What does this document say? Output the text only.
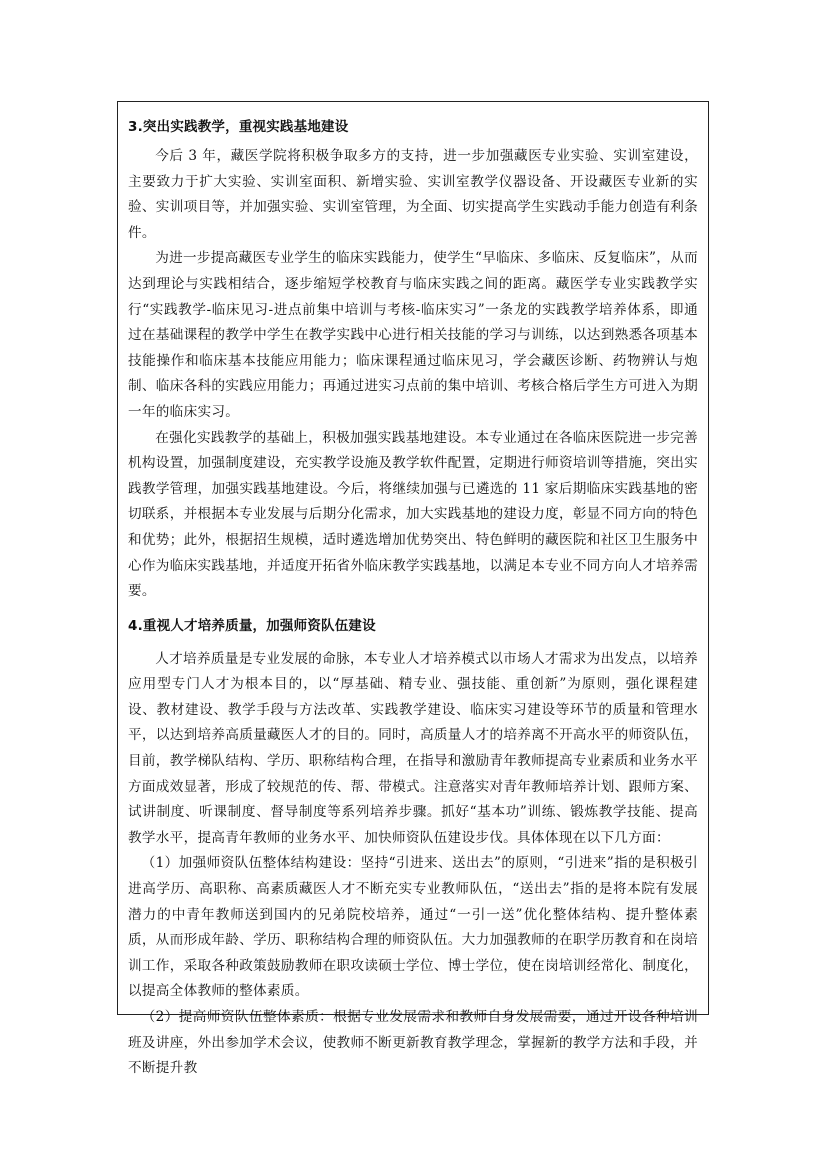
3.突出实践教学，重视实践基地建设

今后 3 年，藏医学院将积极争取多方的支持，进一步加强藏医专业实验、实训室建设，主要致力于扩大实验、实训室面积、新增实验、实训室教学仪器设备、开设藏医专业新的实验、实训项目等，并加强实验、实训室管理，为全面、切实提高学生实践动手能力创造有利条件。

为进一步提高藏医专业学生的临床实践能力，使学生“早临床、多临床、反复临床”，从而达到理论与实践相结合，逐步缩短学校教育与临床实践之间的距离。藏医学专业实践教学实行“实践教学-临床见习-进点前集中培训与考核-临床实习”一条龙的实践教学培养体系，即通过在基础课程的教学中学生在教学实践中心进行相关技能的学习与训练，以达到熟悉各项基本技能操作和临床基本技能应用能力；临床课程通过临床见习，学会藏医诊断、药物辨认与炮制、临床各科的实践应用能力；再通过进实习点前的集中培训、考核合格后学生方可进入为期一年的临床实习。

在强化实践教学的基础上，积极加强实践基地建设。本专业通过在各临床医院进一步完善机构设置，加强制度建设，充实教学设施及教学软件配置，定期进行师资培训等措施，突出实践教学管理，加强实践基地建设。今后，将继续加强与已遴选的 11 家后期临床实践基地的密切联系，并根据本专业发展与后期分化需求，加大实践基地的建设力度，彰显不同方向的特色和优势；此外，根据招生规模，适时遴选增加优势突出、特色鲜明的藏医院和社区卫生服务中心作为临床实践基地，并适度开拓省外临床教学实践基地，以满足本专业不同方向人才培养需要。

4.重视人才培养质量，加强师资队伍建设

人才培养质量是专业发展的命脉，本专业人才培养模式以市场人才需求为出发点，以培养应用型专门人才为根本目的，以“厚基础、精专业、强技能、重创新”为原则，强化课程建设、教材建设、教学手段与方法改革、实践教学建设、临床实习建设等环节的质量和管理水平，以达到培养高质量藏医人才的目的。同时，高质量人才的培养离不开高水平的师资队伍，目前，教学梯队结构、学历、职称结构合理，在指导和激励青年教师提高专业素质和业务水平方面成效显著，形成了较规范的传、帮、带模式。注意落实对青年教师培养计划、跟师方案、试讲制度、听课制度、督导制度等系列培养步骤。抓好“基本功”训练、锻炼教学技能、提高教学水平，提高青年教师的业务水平、加快师资队伍建设步伐。具体体现在以下几方面：

（1）加强师资队伍整体结构建设：坚持“引进来、送出去”的原则，“引进来”指的是积极引进高学历、高职称、高素质藏医人才不断充实专业教师队伍，“送出去”指的是将本院有发展潜力的中青年教师送到国内的兄弟院校培养，通过“一引一送”优化整体结构、提升整体素质，从而形成年龄、学历、职称结构合理的师资队伍。大力加强教师的在职学历教育和在岗培训工作，采取各种政策鼓励教师在职攻读硕士学位、博士学位，使在岗培训经常化、制度化，以提高全体教师的整体素质。

（2）提高师资队伍整体素质：根据专业发展需求和教师自身发展需要，通过开设各种培训班及讲座，外出参加学术会议，使教师不断更新教育教学理念，掌握新的教学方法和手段，并不断提升教
